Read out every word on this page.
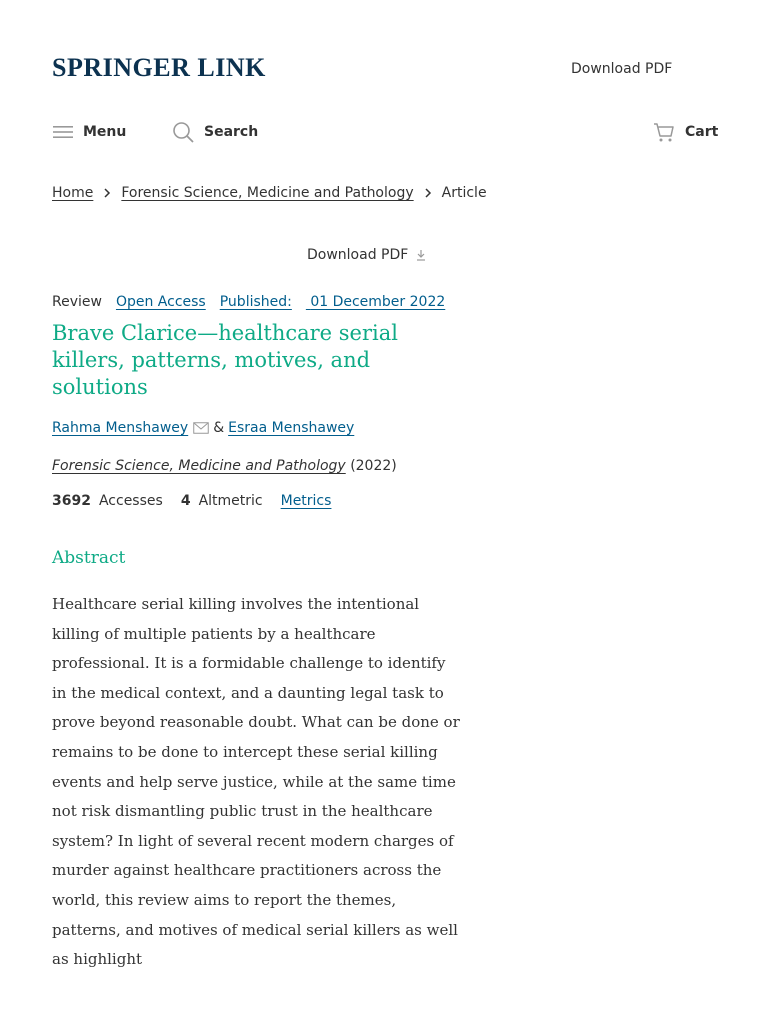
SPRINGER LINK	Download PDF
Menu	Search	Cart
Home Forensic Science, Medicine and Pathology Article
Download PDF
Review Open Access Published: 01 December 2022
Brave Clarice—healthcare serial killers, patterns, motives, and solutions
Rahma Menshawey & Esraa Menshawey
Forensic Science, Medicine and Pathology (2022)
3692 Accesses 4 Altmetric Metrics
Abstract

Healthcare serial killing involves the intentional killing of multiple patients by a healthcare professional. It is a formidable challenge to identify in the medical context, and a daunting legal task to prove beyond reasonable doubt. What can be done or remains to be done to intercept these serial killing events and help serve justice, while at the same time not risk dismantling public trust in the healthcare system? In light of several recent modern charges of murder against healthcare practitioners across the world, this review aims to report the themes, patterns, and motives of medical serial killers as well as highlight
